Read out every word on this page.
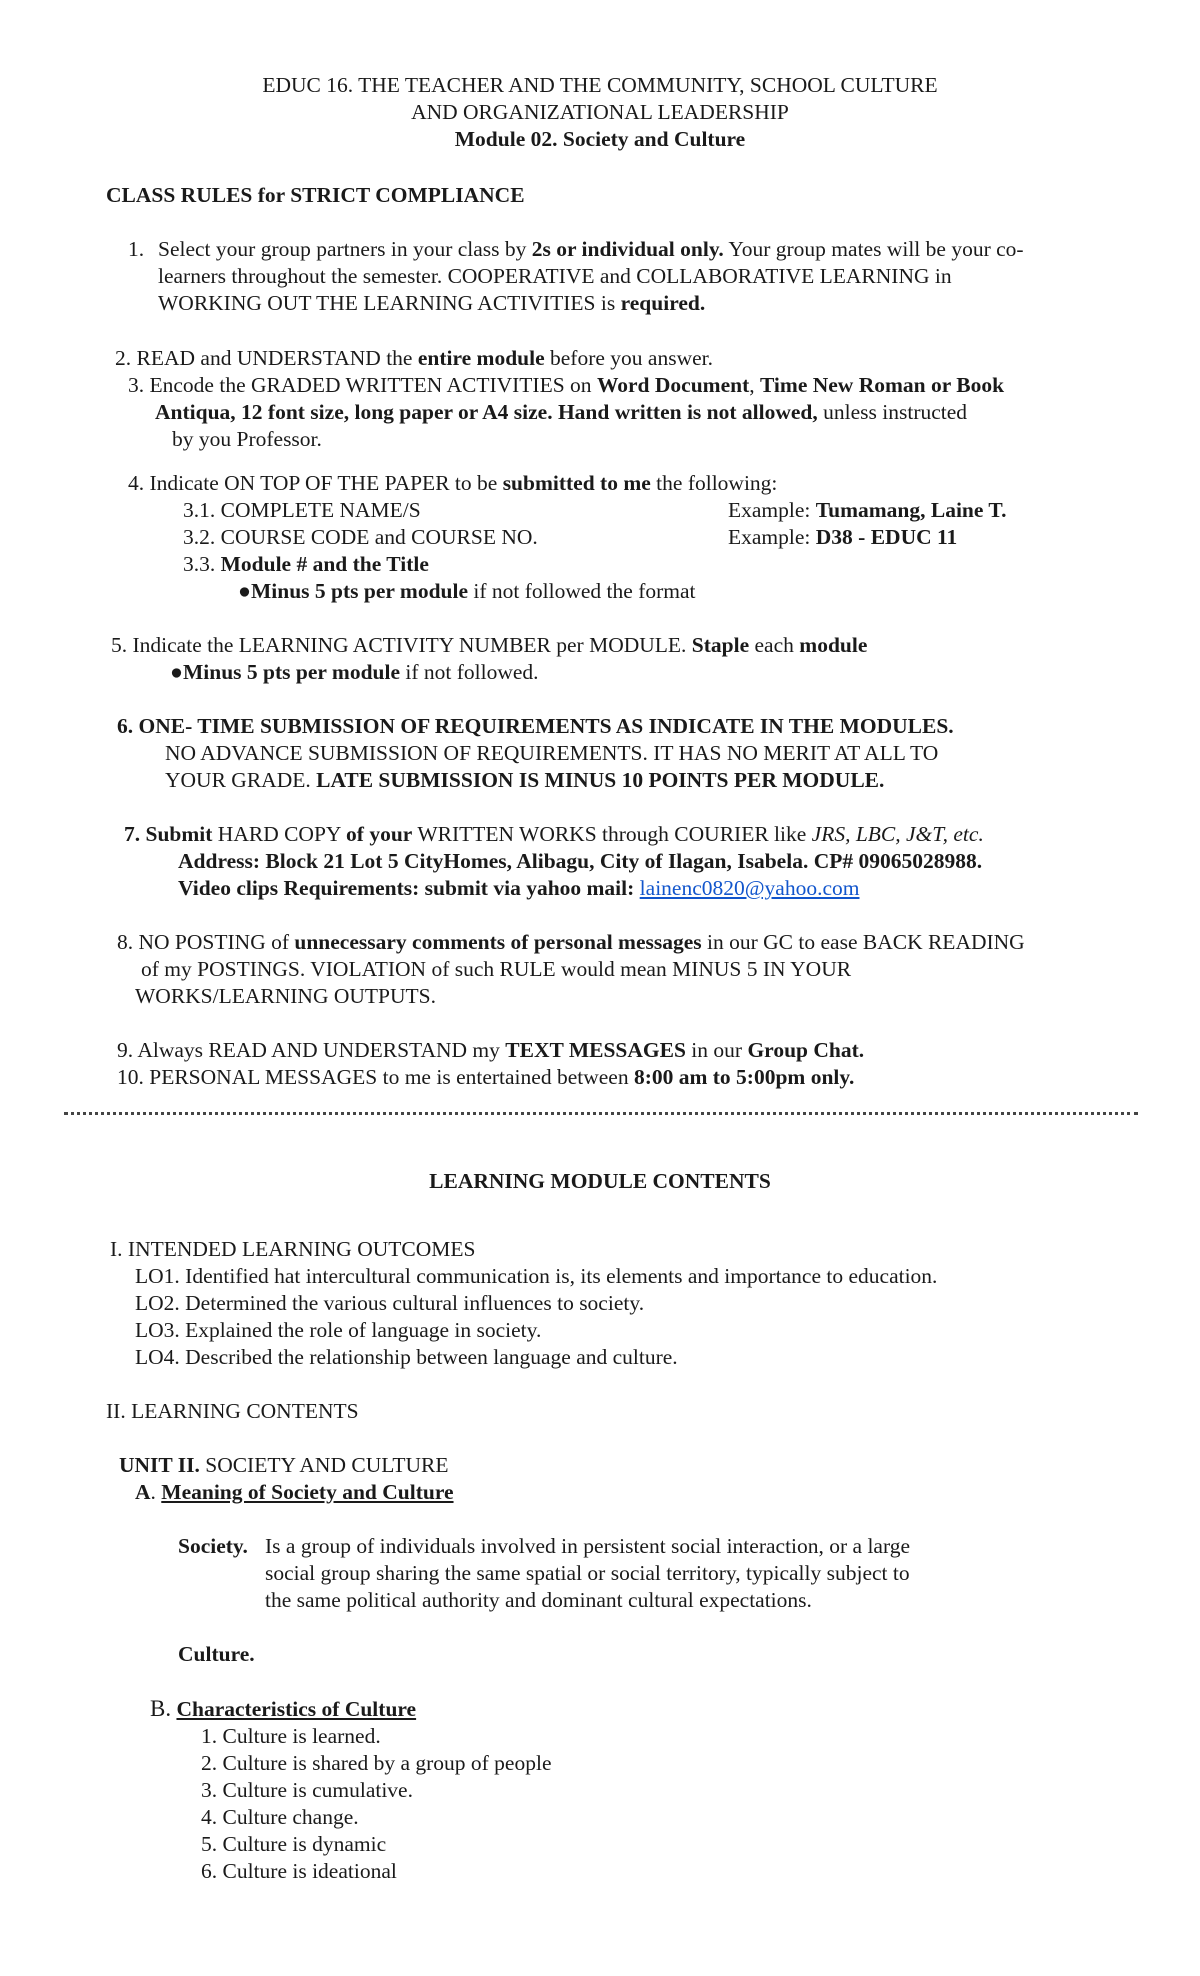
EDUC 16. THE TEACHER AND THE COMMUNITY, SCHOOL CULTURE
AND ORGANIZATIONAL LEADERSHIP
Module 02. Society and Culture
CLASS RULES for STRICT COMPLIANCE
1. Select your group partners in your class by 2s or individual only. Your group mates will be your co-
learners throughout the semester. COOPERATIVE and COLLABORATIVE LEARNING in
WORKING OUT THE LEARNING ACTIVITIES is required.
2. READ and UNDERSTAND the entire module before you answer.
3. Encode the GRADED WRITTEN ACTIVITIES on Word Document, Time New Roman or Book
Antiqua, 12 font size, long paper or A4 size. Hand written is not allowed, unless instructed
by you Professor.
4. Indicate ON TOP OF THE PAPER to be submitted to me the following:
3.1. COMPLETE NAME/S	Example: Tumamang, Laine T.
3.2. COURSE CODE and COURSE NO.	Example: D38 - EDUC 11
3.3. Module # and the Title
●Minus 5 pts per module if not followed the format
5. Indicate the LEARNING ACTIVITY NUMBER per MODULE. Staple each module
●Minus 5 pts per module if not followed.
6. ONE- TIME SUBMISSION OF REQUIREMENTS AS INDICATE IN THE MODULES.
NO ADVANCE SUBMISSION OF REQUIREMENTS. IT HAS NO MERIT AT ALL TO
YOUR GRADE. LATE SUBMISSION IS MINUS 10 POINTS PER MODULE.
7. Submit HARD COPY of your WRITTEN WORKS through COURIER like JRS, LBC, J&T, etc.
Address: Block 21 Lot 5 CityHomes, Alibagu, City of Ilagan, Isabela. CP# 09065028988.
Video clips Requirements: submit via yahoo mail: lainenc0820@yahoo.com
8. NO POSTING of unnecessary comments of personal messages in our GC to ease BACK READING
of my POSTINGS. VIOLATION of such RULE would mean MINUS 5 IN YOUR
WORKS/LEARNING OUTPUTS.
9. Always READ AND UNDERSTAND my TEXT MESSAGES in our Group Chat.
10. PERSONAL MESSAGES to me is entertained between 8:00 am to 5:00pm only.
LEARNING MODULE CONTENTS
I. INTENDED LEARNING OUTCOMES
LO1. Identified hat intercultural communication is, its elements and importance to education.
LO2. Determined the various cultural influences to society.
LO3. Explained the role of language in society.
LO4. Described the relationship between language and culture.
II. LEARNING CONTENTS
UNIT II. SOCIETY AND CULTURE
A. Meaning of Society and Culture
Society. Is a group of individuals involved in persistent social interaction, or a large
social group sharing the same spatial or social territory, typically subject to
the same political authority and dominant cultural expectations.
Culture.
B. Characteristics of Culture
1. Culture is learned.
2. Culture is shared by a group of people
3. Culture is cumulative.
4. Culture change.
5. Culture is dynamic
6. Culture is ideational
